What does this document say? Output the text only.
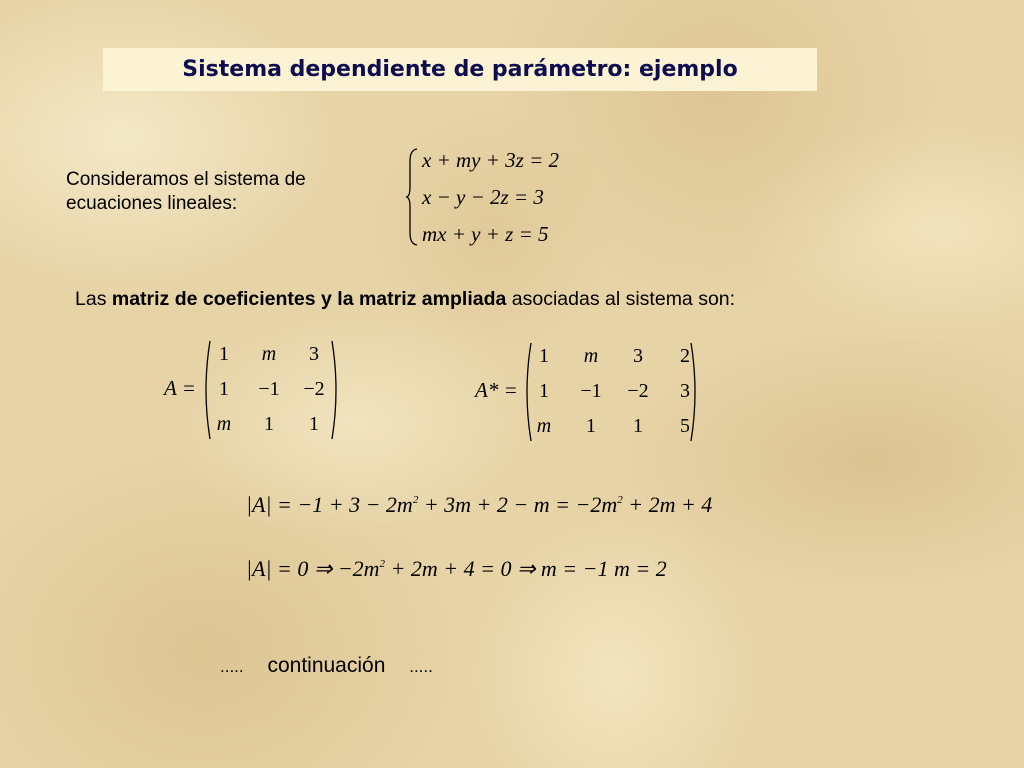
Sistema dependiente de parámetro: ejemplo
Consideramos el sistema de
ecuaciones lineales:
x + my + 3z = 2
x − y − 2z = 3
mx + y + z = 5
Las matriz de coeficientes y la matriz ampliada asociadas al sistema son:
A =
1	m	3
1	−1	−2
m	1	1
A* =
1	m	3	2
1	−1	−2	3
m	1	1	5
$|A| = -1 + 3 - 2m^2 + 3m + 2 - m = -2m^2 + 2m + 4$
|A| = 0 ⇒ $-2m^2 + 2m + 4 = 0$ ⇒ m = −1 m = 2
..... continuación .....
